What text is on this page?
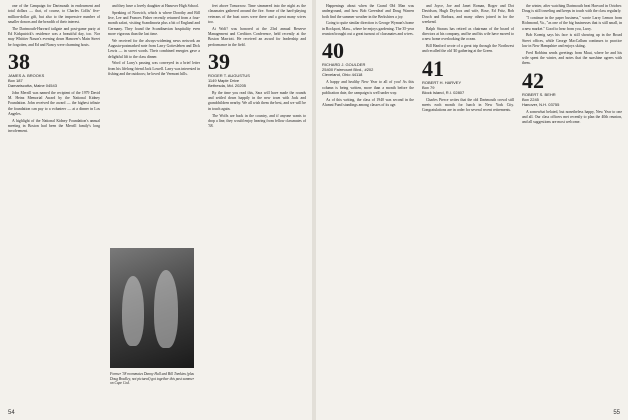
one of the Campaign for Dartmouth in endowment and total dollars — that, of course, to Charles Collis' five-million-dollar gift, but also to the impressive number of smaller donors and the breadth of their interest.

The Dartmouth-Harvard tailgate and post-game party at Ed Kirkpatrick's residence was a beautiful day, too. Nor may Whittier Nason's evening down Hanover's Main Street be forgotten, and Ed and Nancy were charming hosts.

38
JAMES A. BROOKS
Box 187
Damariscotta, Maine 04543

John Merrill was named the recipient of the 1979 David M. Heinz Memorial Award by the National Kidney Foundation. John received the award — the highest tribute the foundation can pay to a volunteer — at a dinner in Los Angeles.

A highlight of the National Kidney Foundation's annual meeting in Boston had been the Merrill family's long involvement.

and they have a lovely daughter at Hanover High School.

Speaking of Norwich, which is where Dorothy and Bill live, Lee and Frances Fisher recently returned from a four-month safari, visiting Scandinavia plus a bit of England and Germany. They found the Scandinavian hospitality even more vigorous than the last time.

We received for the always-widening news network an Augusta-postmarked note from Larry Gottesleben and Dick Lewis — in sweet words. Their combined energies gave a delightful lift to the class dinner.

Word of Larry's passing was conveyed in a brief letter from his lifelong friend Jack Lowell. Larry was interested in fishing and the outdoors; he loved the Vermont hills.

Former '38 roommates Danny Hall and Bill Tomkins (plus Doug Bradley, not pictured) got together this past summer on Cape Cod.

feet above Tomorrow. Time simmered into the night as the classmates gathered around the fire. Some of the hard-playing veterans of the boat races were there and a great many wives too.

At Wolf! was honored at the 23rd annual Reserve Management and Creditors Conference, held recently at the Boston Marriott. He received an award for leadership and performance in the field.

39
ROGER T. AUGUSTUS
1149 Maple Drive
Bethesda, Md. 20205

By the time you read this, Sara will have made the rounds and settled down happily in the new town with Jack and grandchildren nearby. We all wish them the best, and we will be in touch again.

The Wolfs are back in the country, and if anyone wants to drop a line, they would enjoy hearing from fellow classmates of '38.

54

Happenings about when the Grand Old Man was underground, and how Bob Greenleaf and Doug Warren both find the summer weather in the Berkshires a joy.

Going to quite similar direction is George Wyman's home in Rockport, Mass., where he enjoys gardening. The 35-year reunion brought out a great turnout of classmates and wives.

40
RICHARD J. GOULDER
25400 Fairmount Blvd., #202
Cleveland, Ohio 44118

A happy and healthy New Year to all of you! As this column is being written, more than a month before the publication date, the campaign is well under way.

As of this writing, the class of 1940 was second in the Alumni Fund standings among classes of its age.

and Joyce, Joe and Janet Roman, Roger and Dot Davidson, Hugh Dryfoos and wife, Rose, Ed Fritz, Bob Dosch and Barbara, and many others joined in for the weekend.

Ralph Strauss has retired as chairman of the board of directors at his company, and he and his wife have moved to a new home overlooking the ocean.

Bill Hanford wrote of a great trip through the Northwest and recalled the old '40 gathering at the Green.

41
ROBERT H. HARVEY
Box 79
Block Island, R.I. 02807

Charles Pierce writes that the old Dartmouth crowd still meets each month for lunch in New York City. Congratulations are in order for several recent retirements.

the winter, after watching Dartmouth beat Harvard in October. Doug is still traveling and keeps in touch with the class regularly.

"I continue in the paper business," wrote Larry Lemon from Richmond, Va., "as one of the big businesses that is still small, in a new market." Good to hear from you, Larry.

Bob Koenig says his face is still showing up in the Broad Street offices, while George MacCallum continues to practice law in New Hampshire and enjoys skiing.

Fred Robbins sends greetings from Maui, where he and his wife spent the winter, and notes that the sunshine agrees with them.

42
ROBERT S. BEHR
Box 2245
Hanover, N.H. 03755

A somewhat belated, but nonetheless happy, New Year to one and all. Our class officers met recently to plan the 40th reunion, and all suggestions are most welcome.

55
